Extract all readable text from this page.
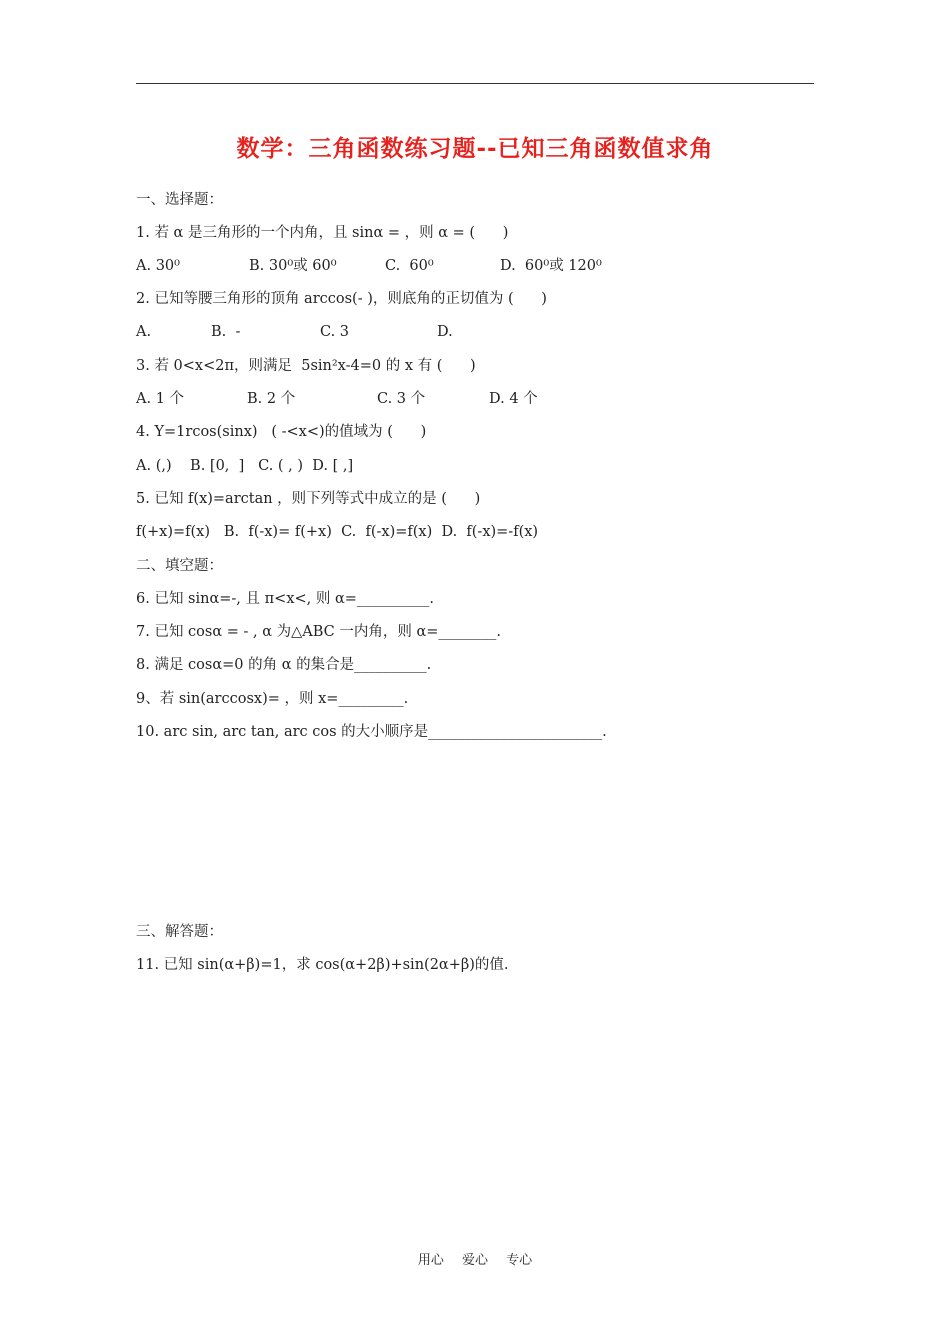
数学：三角函数练习题--已知三角函数值求角
一、选择题：
1. 若 α 是三角形的一个内角，且 sinα = ，则 α = (      )
A. 30⁰	B. 30⁰或 60⁰	C.  60⁰	D.  60⁰或 120⁰
2. 已知等腰三角形的顶角 arccos(- )，则底角的正切值为 (      )
A.	B.  -	C. 3	D.
3. 若 0<x<2π，则满足  5sin²x-4=0 的 x 有 (      )
A. 1 个	B. 2 个	C. 3 个	D. 4 个
4. Y=1rcos(sinx)   ( -<x<)的值域为 (      )
A. (,)    B. [0,  ]   C. ( , )  D. [ ,]
5. 已知 f(x)=arctan ，则下列等式中成立的是 (      )
f(+x)=f(x)   B.  f(-x)= f(+x)  C.  f(-x)=f(x)  D.  f(-x)=-f(x)
二、填空题：
6. 已知 sinα=-, 且 π<x<, 则 α=__________.
7. 已知 cosα = - , α 为△ABC 一内角，则 α=________.
8. 满足 cosα=0 的角 α 的集合是__________.
9、若 sin(arccosx)= ，则 x=_________.
10. arc sin, arc tan, arc cos 的大小顺序是________________________.
三、解答题：
11. 已知 sin(α+β)=1，求 cos(α+2β)+sin(2α+β)的值.
用心 爱心 专心
